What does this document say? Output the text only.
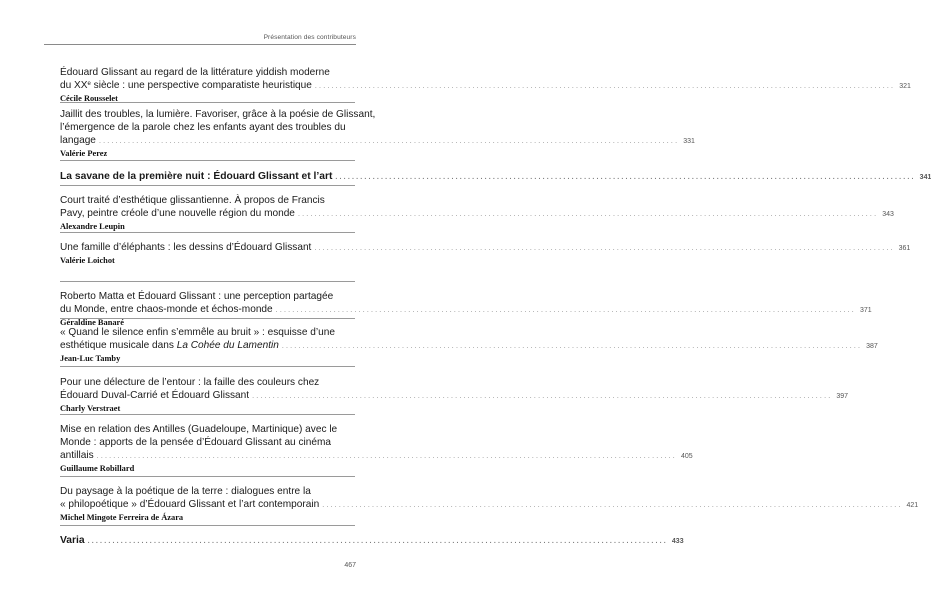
Présentation des contributeurs
Édouard Glissant au regard de la littérature yiddish moderne
du XXe siècle : une perspective comparatiste heuristique ............................................................................................................................................ 321
Cécile Rousselet
Jaillit des troubles, la lumière. Favoriser, grâce à la poésie de Glissant,
l’émergence de la parole chez les enfants ayant des troubles du
langage ............................................................................................................................................ 331
Valérie Perez
La savane de la première nuit : Édouard Glissant et l’art ............................................................................................................................................ 341
Court traité d’esthétique glissantienne. À propos de Francis
Pavy, peintre créole d’une nouvelle région du monde ............................................................................................................................................ 343
Alexandre Leupin
Une famille d’éléphants : les dessins d’Édouard Glissant ............................................................................................................................................ 361
Valérie Loichot
Roberto Matta et Édouard Glissant : une perception partagée
du Monde, entre chaos-monde et échos-monde ............................................................................................................................................ 371
Géraldine Banaré
« Quand le silence enfin s’emmêle au bruit » : esquisse d’une
esthétique musicale dans La Cohée du Lamentin ............................................................................................................................................ 387
Jean-Luc Tamby
Pour une délecture de l’entour : la faille des couleurs chez
Édouard Duval-Carrié et Édouard Glissant ............................................................................................................................................ 397
Charly Verstraet
Mise en relation des Antilles (Guadeloupe, Martinique) avec le
Monde : apports de la pensée d’Édouard Glissant au cinéma
antillais ............................................................................................................................................ 405
Guillaume Robillard
Du paysage à la poétique de la terre : dialogues entre la
« philopoétique » d’Édouard Glissant et l’art contemporain ............................................................................................................................................ 421
Michel Mingote Ferreira de Ázara
Varia ............................................................................................................................................ 433
467
